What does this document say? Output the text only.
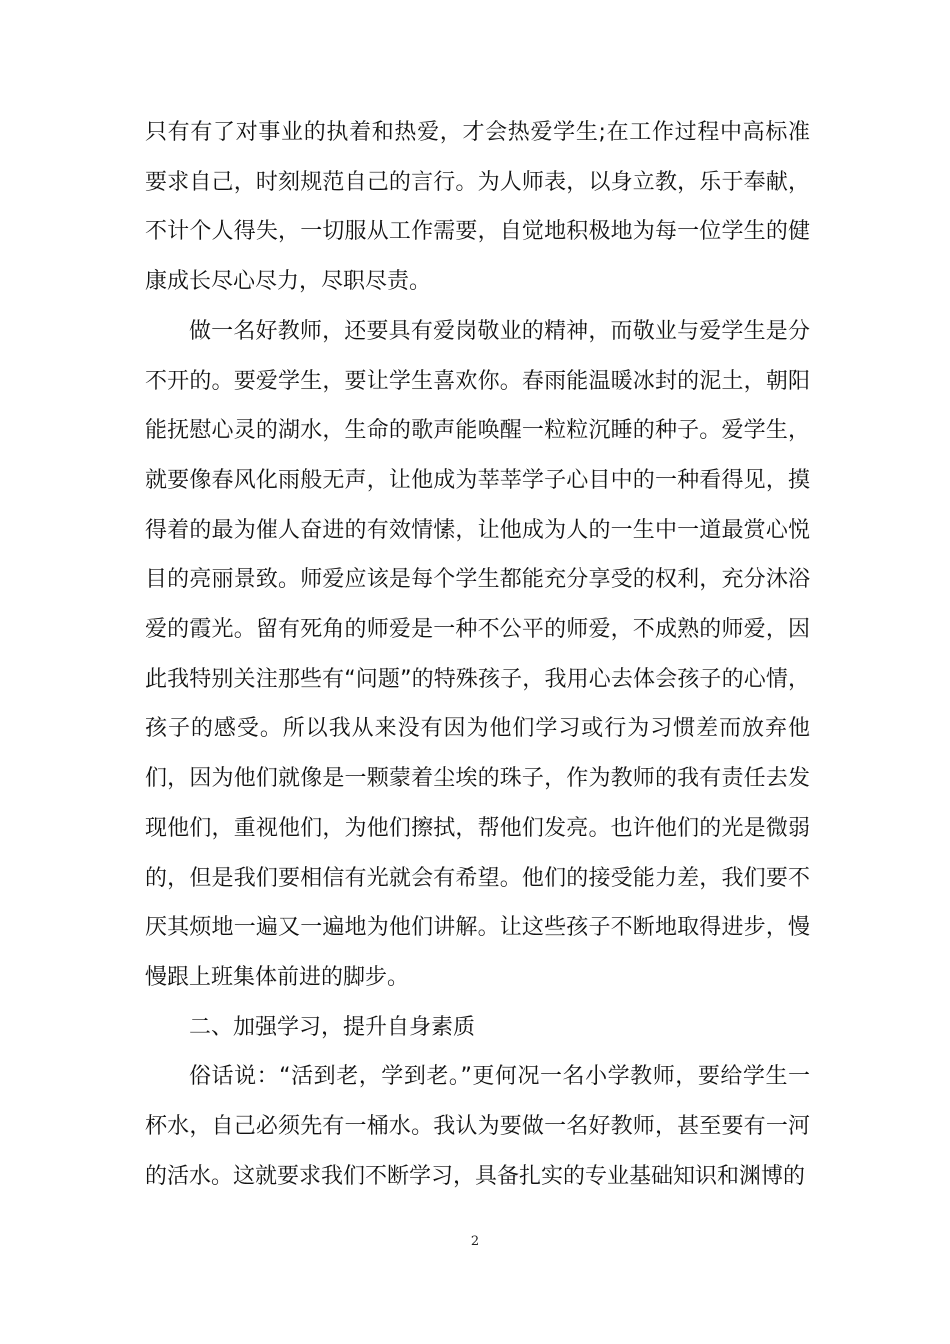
只有有了对事业的执着和热爱，才会热爱学生;在工作过程中高标准要求自己，时刻规范自己的言行。为人师表，以身立教，乐于奉献，不计个人得失，一切服从工作需要，自觉地积极地为每一位学生的健康成长尽心尽力，尽职尽责。

做一名好教师，还要具有爱岗敬业的精神，而敬业与爱学生是分不开的。要爱学生，要让学生喜欢你。春雨能温暖冰封的泥土，朝阳能抚慰心灵的湖水，生命的歌声能唤醒一粒粒沉睡的种子。爱学生，就要像春风化雨般无声，让他成为莘莘学子心目中的一种看得见，摸得着的最为催人奋进的有效情愫，让他成为人的一生中一道最赏心悦目的亮丽景致。师爱应该是每个学生都能充分享受的权利，充分沐浴爱的霞光。留有死角的师爱是一种不公平的师爱，不成熟的师爱，因此我特别关注那些有“问题”的特殊孩子，我用心去体会孩子的心情，孩子的感受。所以我从来没有因为他们学习或行为习惯差而放弃他们，因为他们就像是一颗蒙着尘埃的珠子，作为教师的我有责任去发现他们，重视他们，为他们擦拭，帮他们发亮。也许他们的光是微弱的，但是我们要相信有光就会有希望。他们的接受能力差，我们要不厌其烦地一遍又一遍地为他们讲解。让这些孩子不断地取得进步，慢慢跟上班集体前进的脚步。

二、加强学习，提升自身素质

俗话说：“活到老，学到老。”更何况一名小学教师，要给学生一杯水，自己必须先有一桶水。我认为要做一名好教师，甚至要有一河的活水。这就要求我们不断学习，具备扎实的专业基础知识和渊博的

2
